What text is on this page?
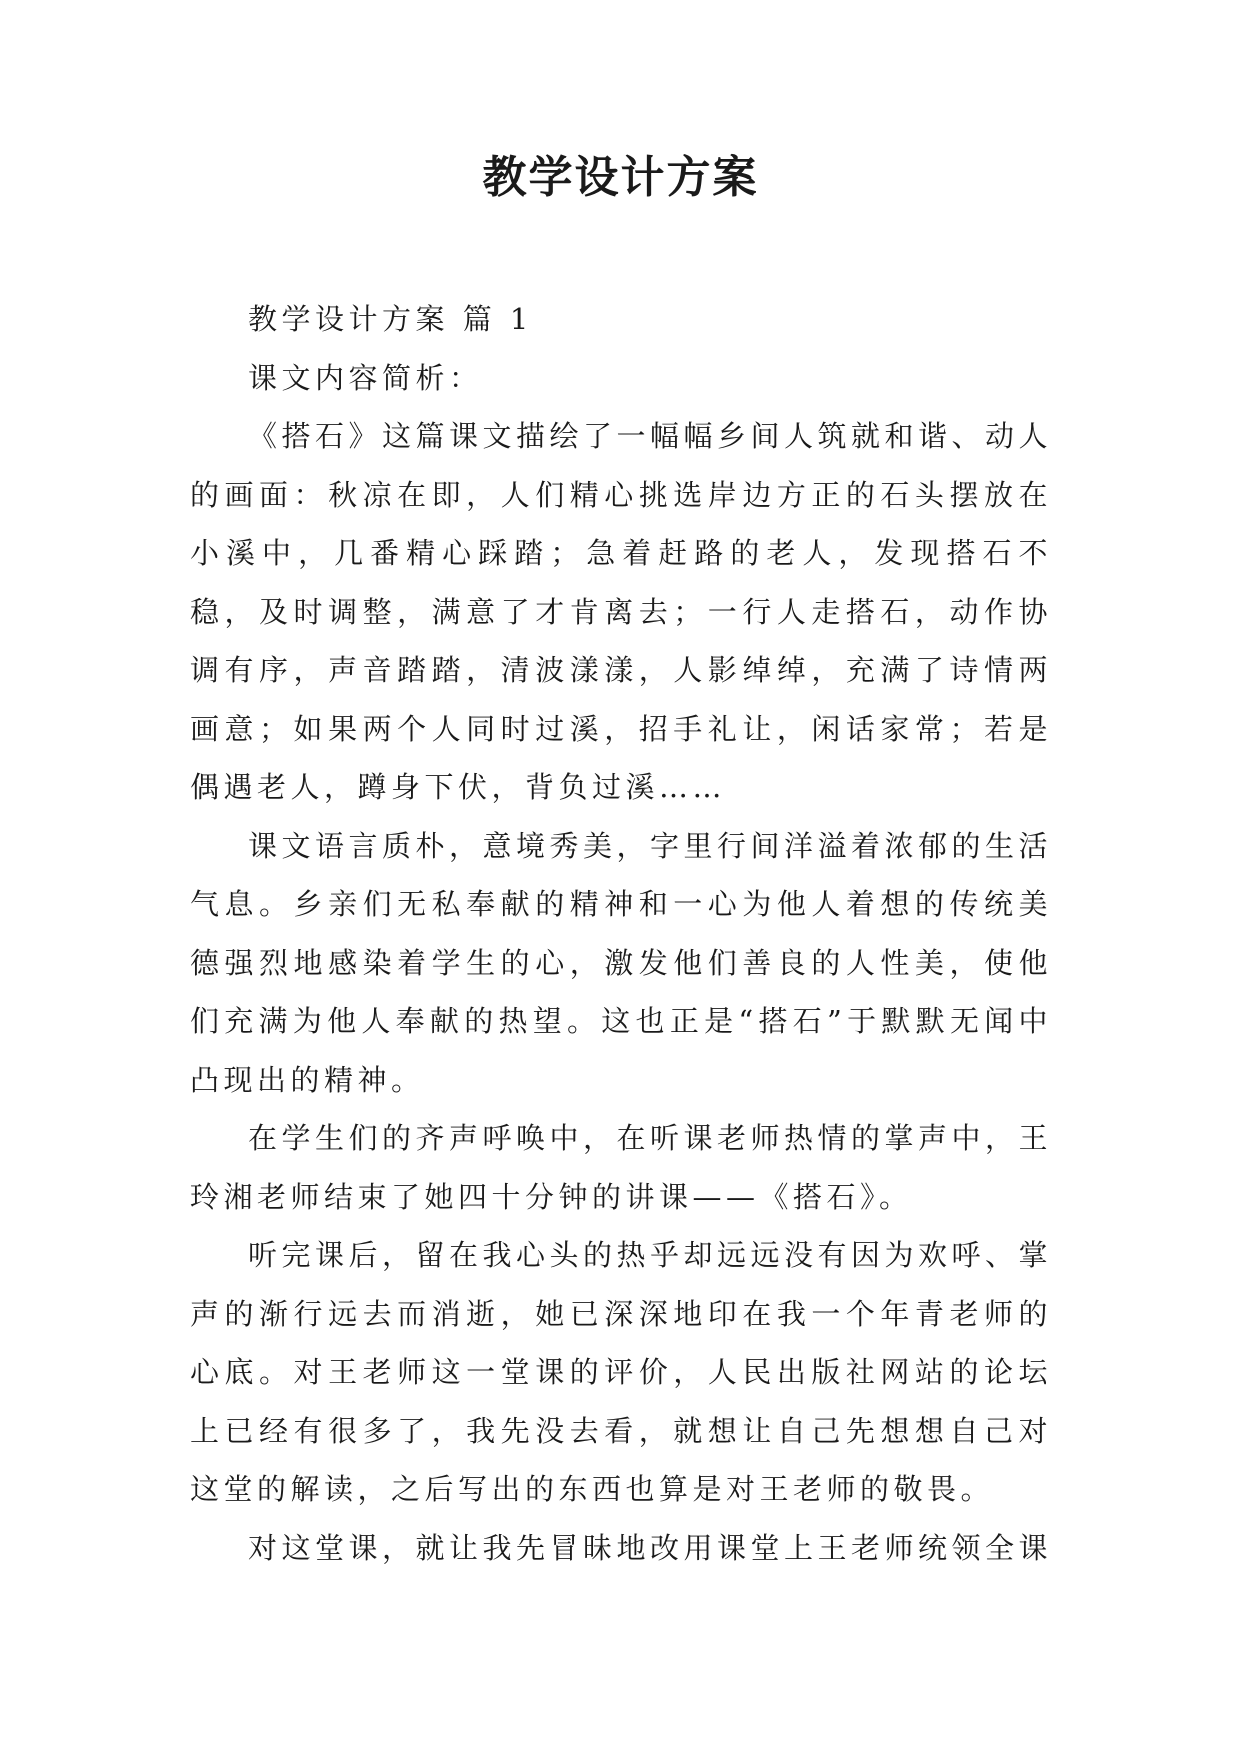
教学设计方案

教学设计方案 篇 1

课文内容简析：

《搭石》这篇课文描绘了一幅幅乡间人筑就和谐、动人的画面：秋凉在即，人们精心挑选岸边方正的石头摆放在小溪中，几番精心踩踏；急着赶路的老人，发现搭石不稳，及时调整，满意了才肯离去；一行人走搭石，动作协调有序，声音踏踏，清波漾漾，人影绰绰，充满了诗情两画意；如果两个人同时过溪，招手礼让，闲话家常；若是偶遇老人，蹲身下伏，背负过溪……

课文语言质朴，意境秀美，字里行间洋溢着浓郁的生活气息。乡亲们无私奉献的精神和一心为他人着想的传统美德强烈地感染着学生的心，激发他们善良的人性美，使他们充满为他人奉献的热望。这也正是“搭石”于默默无闻中凸现出的精神。

在学生们的齐声呼唤中，在听课老师热情的掌声中，王玲湘老师结束了她四十分钟的讲课——《搭石》。

听完课后，留在我心头的热乎却远远没有因为欢呼、掌声的渐行远去而消逝，她已深深地印在我一个年青老师的心底。对王老师这一堂课的评价，人民出版社网站的论坛上已经有很多了，我先没去看，就想让自己先想想自己对这堂的解读，之后写出的东西也算是对王老师的敬畏。

对这堂课，就让我先冒昧地改用课堂上王老师统领全课
